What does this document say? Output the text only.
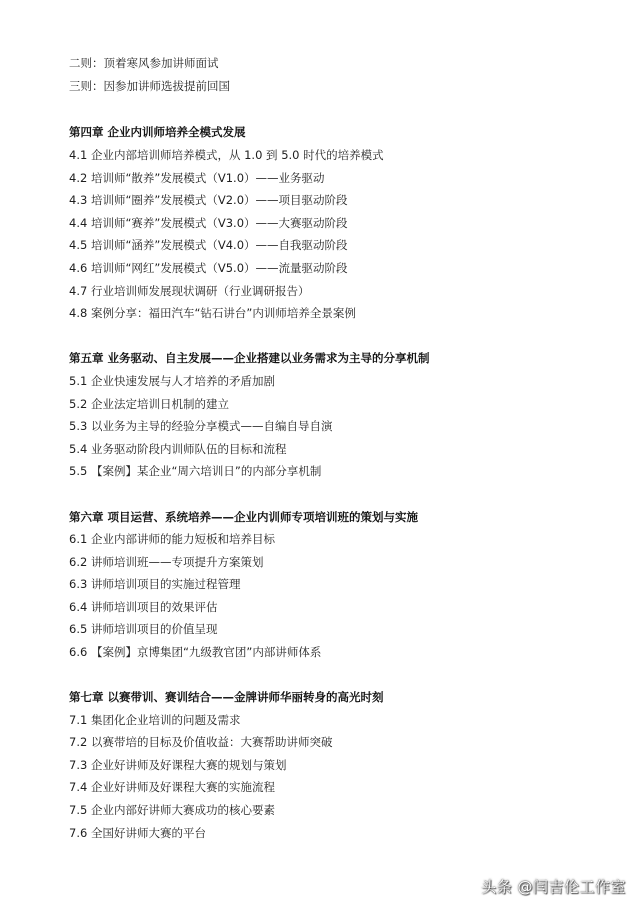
二则：顶着寒风参加讲师面试
三则：因参加讲师选拔提前回国
第四章 企业内训师培养全模式发展
4.1 企业内部培训师培养模式，从 1.0 到 5.0 时代的培养模式
4.2 培训师“散养”发展模式（V1.0）——业务驱动
4.3 培训师“圈养”发展模式（V2.0）——项目驱动阶段
4.4 培训师“赛养”发展模式（V3.0）——大赛驱动阶段
4.5 培训师“涵养”发展模式（V4.0）——自我驱动阶段
4.6 培训师“网红”发展模式（V5.0）——流量驱动阶段
4.7 行业培训师发展现状调研（行业调研报告）
4.8 案例分享：福田汽车“钻石讲台”内训师培养全景案例
第五章 业务驱动、自主发展——企业搭建以业务需求为主导的分享机制
5.1 企业快速发展与人才培养的矛盾加剧
5.2 企业法定培训日机制的建立
5.3 以业务为主导的经验分享模式——自编自导自演
5.4 业务驱动阶段内训师队伍的目标和流程
5.5 【案例】某企业“周六培训日”的内部分享机制
第六章 项目运营、系统培养——企业内训师专项培训班的策划与实施
6.1 企业内部讲师的能力短板和培养目标
6.2 讲师培训班——专项提升方案策划
6.3 讲师培训项目的实施过程管理
6.4 讲师培训项目的效果评估
6.5 讲师培训项目的价值呈现
6.6 【案例】京博集团“九级教官团”内部讲师体系
第七章 以赛带训、赛训结合——金牌讲师华丽转身的高光时刻
7.1 集团化企业培训的问题及需求
7.2 以赛带培的目标及价值收益：大赛帮助讲师突破
7.3 企业好讲师及好课程大赛的规划与策划
7.4 企业好讲师及好课程大赛的实施流程
7.5 企业内部好讲师大赛成功的核心要素
7.6 全国好讲师大赛的平台
头条 @闫吉伦工作室
